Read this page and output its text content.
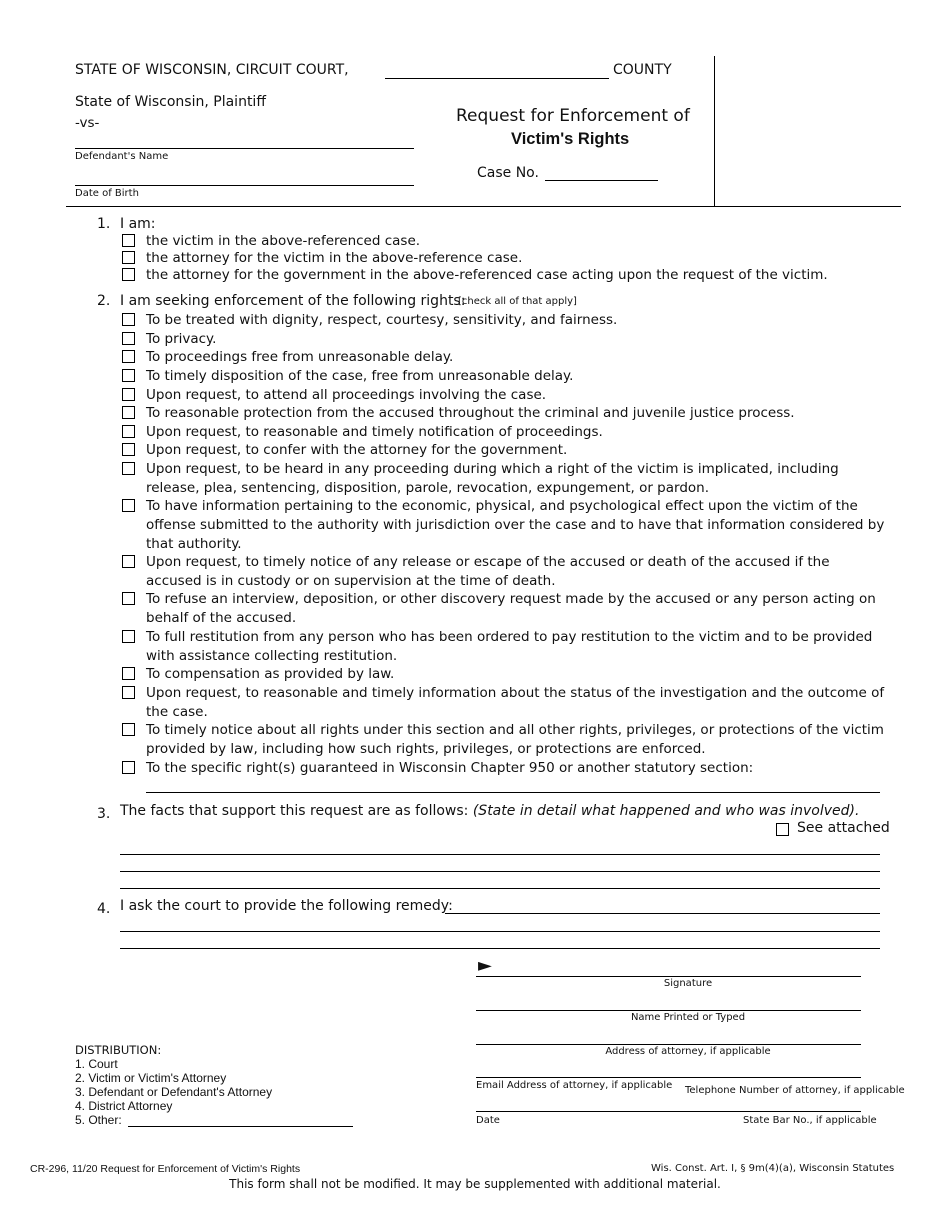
STATE OF WISCONSIN, CIRCUIT COURT,	COUNTY
State of Wisconsin, Plaintiff
-vs-
Defendant's Name
Date of Birth
Request for Enforcement of
Victim's Rights
Case No.
1. I am:
the victim in the above-referenced case.
the attorney for the victim in the above-reference case.
the attorney for the government in the above-referenced case acting upon the request of the victim.
2. I am seeking enforcement of the following rights:
[check all of that apply]
To be treated with dignity, respect, courtesy, sensitivity, and fairness.
To privacy.
To proceedings free from unreasonable delay.
To timely disposition of the case, free from unreasonable delay.
Upon request, to attend all proceedings involving the case.
To reasonable protection from the accused throughout the criminal and juvenile justice process.
Upon request, to reasonable and timely notification of proceedings.
Upon request, to confer with the attorney for the government.
Upon request, to be heard in any proceeding during which a right of the victim is implicated, including
release, plea, sentencing, disposition, parole, revocation, expungement, or pardon.
To have information pertaining to the economic, physical, and psychological effect upon the victim of the
offense submitted to the authority with jurisdiction over the case and to have that information considered by
that authority.
Upon request, to timely notice of any release or escape of the accused or death of the accused if the
accused is in custody or on supervision at the time of death.
To refuse an interview, deposition, or other discovery request made by the accused or any person acting on
behalf of the accused.
To full restitution from any person who has been ordered to pay restitution to the victim and to be provided
with assistance collecting restitution.
To compensation as provided by law.
Upon request, to reasonable and timely information about the status of the investigation and the outcome of
the case.
To timely notice about all rights under this section and all other rights, privileges, or protections of the victim
provided by law, including how such rights, privileges, or protections are enforced.
To the specific right(s) guaranteed in Wisconsin Chapter 950 or another statutory section:
3. The facts that support this request are as follows: (State in detail what happened and who was involved).
See attached
4. I ask the court to provide the following remedy:
►
Signature
Name Printed or Typed
Address of attorney, if applicable
Email Address of attorney, if applicable Telephone Number of attorney, if applicable
Date	State Bar No., if applicable
DISTRIBUTION:
1. Court
2. Victim or Victim's Attorney
3. Defendant or Defendant's Attorney
4. District Attorney
5. Other:
CR-296, 11/20 Request for Enforcement of Victim's Rights	Wis. Const. Art. I, § 9m(4)(a), Wisconsin Statutes
This form shall not be modified. It may be supplemented with additional material.
